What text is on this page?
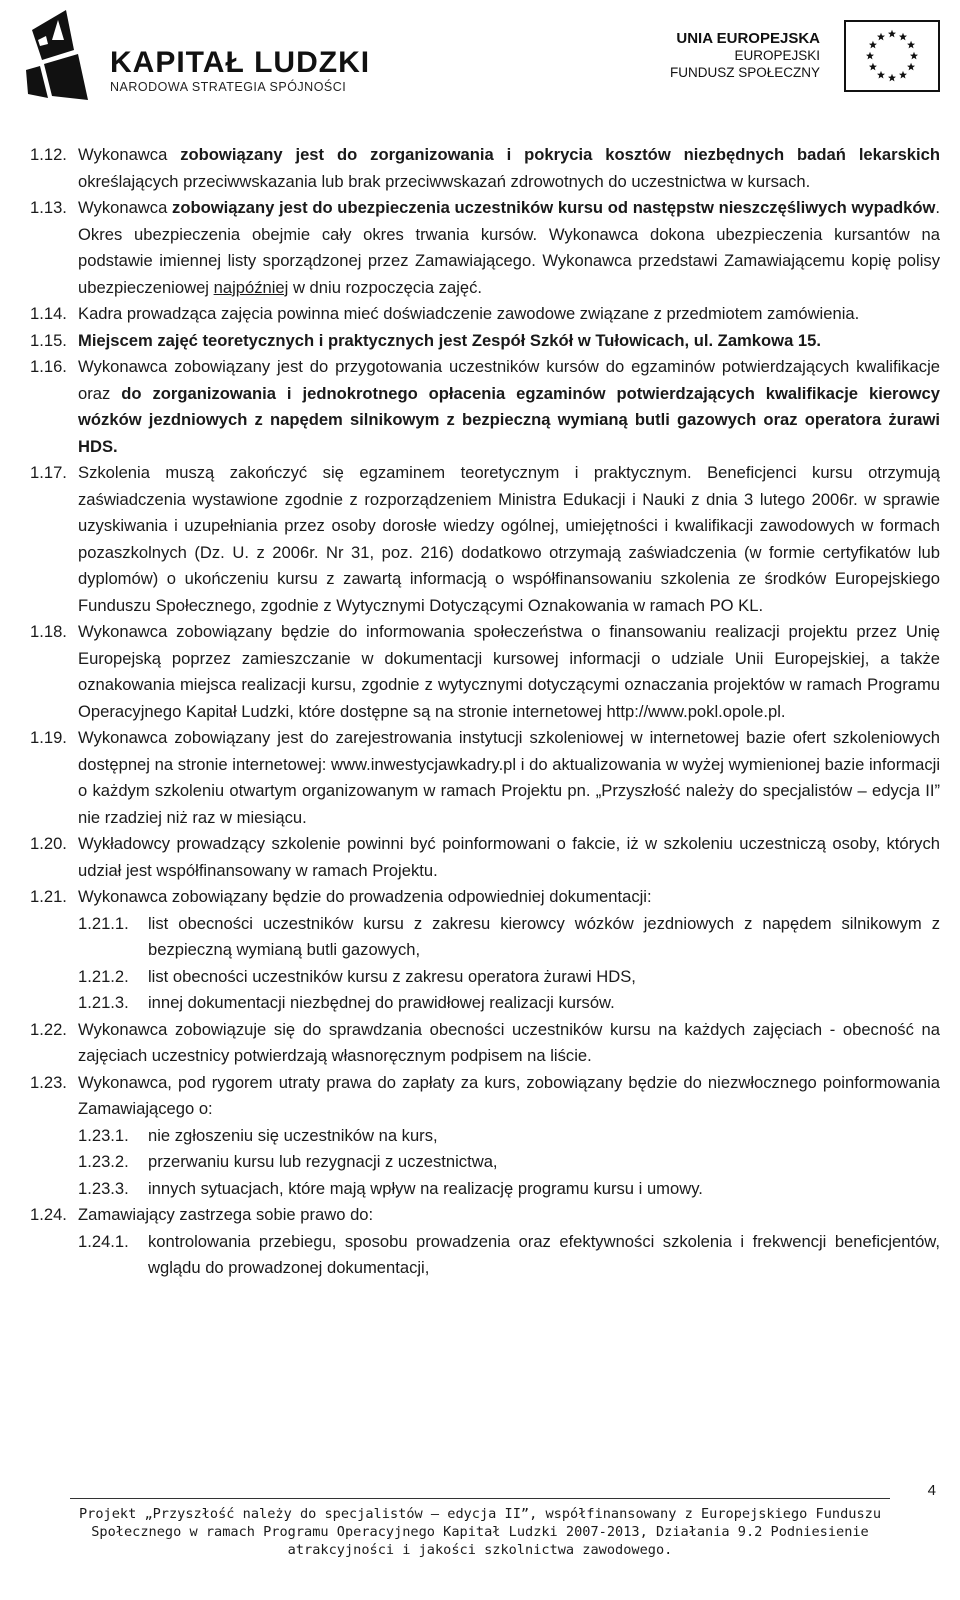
KAPITAŁ LUDZKI
NARODOWA STRATEGIA SPÓJNOŚCI
UNIA EUROPEJSKA
EUROPEJSKI
FUNDUSZ SPOŁECZNY
1.12. Wykonawca zobowiązany jest do zorganizowania i pokrycia kosztów niezbędnych badań lekarskich określających przeciwwskazania lub brak przeciwwskazań zdrowotnych do uczestnictwa w kursach.
1.13. Wykonawca zobowiązany jest do ubezpieczenia uczestników kursu od następstw nieszczęśliwych wypadków. Okres ubezpieczenia obejmie cały okres trwania kursów. Wykonawca dokona ubezpieczenia kursantów na podstawie imiennej listy sporządzonej przez Zamawiającego. Wykonawca przedstawi Zamawiającemu kopię polisy ubezpieczeniowej najpóźniej w dniu rozpoczęcia zajęć.
1.14. Kadra prowadząca zajęcia powinna mieć doświadczenie zawodowe związane z przedmiotem zamówienia.
1.15. Miejscem zajęć teoretycznych i praktycznych jest Zespół Szkół w Tułowicach, ul. Zamkowa 15.
1.16. Wykonawca zobowiązany jest do przygotowania uczestników kursów do egzaminów potwierdzających kwalifikacje oraz do zorganizowania i jednokrotnego opłacenia egzaminów potwierdzających kwalifikacje kierowcy wózków jezdniowych z napędem silnikowym z bezpieczną wymianą butli gazowych oraz operatora żurawi HDS.
1.17. Szkolenia muszą zakończyć się egzaminem teoretycznym i praktycznym. Beneficjenci kursu otrzymują zaświadczenia wystawione zgodnie z rozporządzeniem Ministra Edukacji i Nauki z dnia 3 lutego 2006r. w sprawie uzyskiwania i uzupełniania przez osoby dorosłe wiedzy ogólnej, umiejętności i kwalifikacji zawodowych w formach pozaszkolnych (Dz. U. z 2006r. Nr 31, poz. 216) dodatkowo otrzymają zaświadczenia (w formie certyfikatów lub dyplomów) o ukończeniu kursu z zawartą informacją o współfinansowaniu szkolenia ze środków Europejskiego Funduszu Społecznego, zgodnie z Wytycznymi Dotyczącymi Oznakowania w ramach PO KL.
1.18. Wykonawca zobowiązany będzie do informowania społeczeństwa o finansowaniu realizacji projektu przez Unię Europejską poprzez zamieszczanie w dokumentacji kursowej informacji o udziale Unii Europejskiej, a także oznakowania miejsca realizacji kursu, zgodnie z wytycznymi dotyczącymi oznaczania projektów w ramach Programu Operacyjnego Kapitał Ludzki, które dostępne są na stronie internetowej http://www.pokl.opole.pl.
1.19. Wykonawca zobowiązany jest do zarejestrowania instytucji szkoleniowej w internetowej bazie ofert szkoleniowych dostępnej na stronie internetowej: www.inwestycjawkadry.pl i do aktualizowania w wyżej wymienionej bazie informacji o każdym szkoleniu otwartym organizowanym w ramach Projektu pn. „Przyszłość należy do specjalistów – edycja II” nie rzadziej niż raz w miesiącu.
1.20. Wykładowcy prowadzący szkolenie powinni być poinformowani o fakcie, iż w szkoleniu uczestniczą osoby, których udział jest współfinansowany w ramach Projektu.
1.21. Wykonawca zobowiązany będzie do prowadzenia odpowiedniej dokumentacji:
1.21.1.	list obecności uczestników kursu z zakresu kierowcy wózków jezdniowych z napędem silnikowym z bezpieczną wymianą butli gazowych,
1.21.2.	list obecności uczestników kursu z zakresu operatora żurawi HDS,
1.21.3.	innej dokumentacji niezbędnej do prawidłowej realizacji kursów.
1.22. Wykonawca zobowiązuje się do sprawdzania obecności uczestników kursu na każdych zajęciach - obecność na zajęciach uczestnicy potwierdzają własnoręcznym podpisem na liście.
1.23. Wykonawca, pod rygorem utraty prawa do zapłaty za kurs, zobowiązany będzie do niezwłocznego poinformowania Zamawiającego o:
1.23.1.	nie zgłoszeniu się uczestników na kurs,
1.23.2.	przerwaniu kursu lub rezygnacji z uczestnictwa,
1.23.3.	innych sytuacjach, które mają wpływ na realizację programu kursu i umowy.
1.24. Zamawiający zastrzega sobie prawo do:
1.24.1.	kontrolowania przebiegu, sposobu prowadzenia oraz efektywności szkolenia i frekwencji beneficjentów, wglądu do prowadzonej dokumentacji,
4
Projekt „Przyszłość należy do specjalistów – edycja II”, współfinansowany z Europejskiego Funduszu
Społecznego w ramach Programu Operacyjnego Kapitał Ludzki 2007-2013, Działania 9.2 Podniesienie
atrakcyjności i jakości szkolnictwa zawodowego.
